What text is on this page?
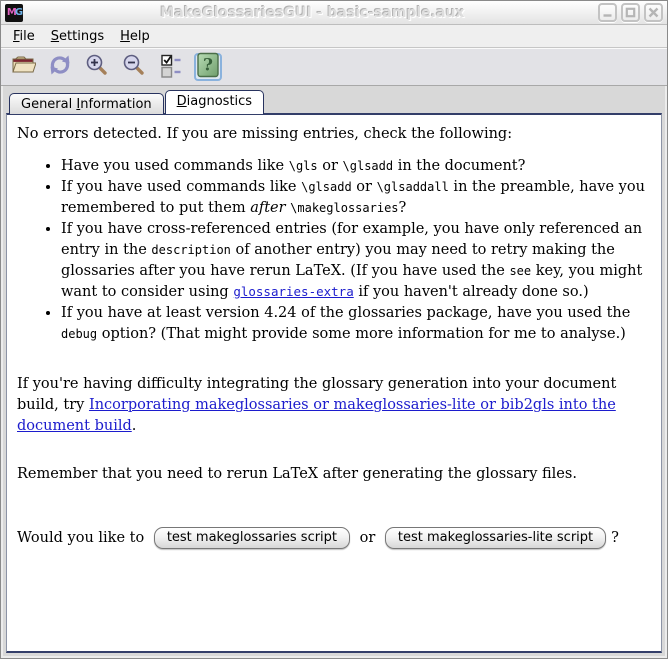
M G	MakeGlossariesGUI - basic-sample.aux
File	Settings	Help
?
General Information	Diagnostics
No errors detected. If you are missing entries, check the following:
• Have you used commands like \gls or \glsadd in the document?
• If you have used commands like \glsadd or \glsaddall in the preamble, have you remembered to put them after \makeglossaries?
• If you have cross-referenced entries (for example, you have only referenced an entry in the description of another entry) you may need to retry making the glossaries after you have rerun LaTeX. (If you have used the see key, you might want to consider using glossaries-extra if you haven't already done so.)
• If you have at least version 4.24 of the glossaries package, have you used the debug option? (That might provide some more information for me to analyse.)
If you're having difficulty integrating the glossary generation into your document build, try Incorporating makeglossaries or makeglossaries-lite or bib2gls into the document build.
Remember that you need to rerun LaTeX after generating the glossary files.
Would you like to	test makeglossaries script	or	test makeglossaries-lite script	?
